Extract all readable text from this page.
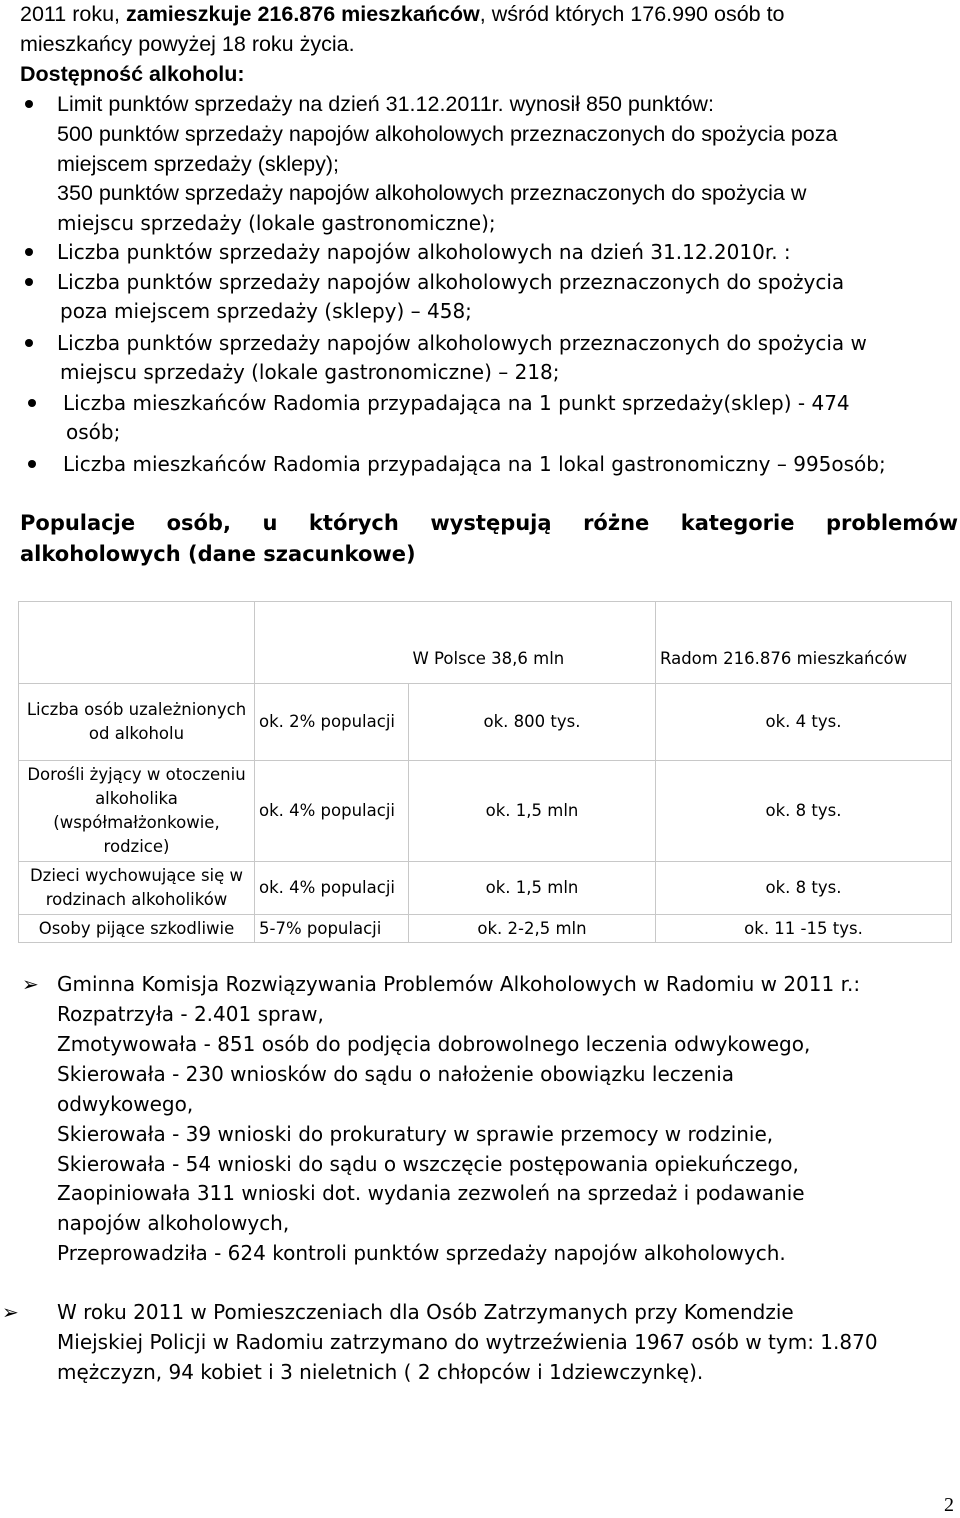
2011 roku, zamieszkuje 216.876 mieszkańców, wśród których 176.990 osób to
mieszkańcy powyżej 18 roku życia.
Dostępność alkoholu:
Limit punktów sprzedaży na dzień 31.12.2011r. wynosił 850 punktów:
500 punktów sprzedaży napojów alkoholowych przeznaczonych do spożycia poza
miejscem sprzedaży (sklepy);
350 punktów sprzedaży napojów alkoholowych przeznaczonych do spożycia w
miejscu sprzedaży (lokale gastronomiczne);
Liczba punktów sprzedaży napojów alkoholowych na dzień 31.12.2010r. :
Liczba punktów sprzedaży napojów alkoholowych przeznaczonych do spożycia
poza miejscem sprzedaży (sklepy) – 458;
Liczba punktów sprzedaży napojów alkoholowych przeznaczonych do spożycia w
miejscu sprzedaży (lokale gastronomiczne) – 218;
Liczba mieszkańców Radomia przypadająca na 1 punkt sprzedaży(sklep) - 474
osób;
Liczba mieszkańców Radomia przypadająca na 1 lokal gastronomiczny – 995osób;
Populacje osób, u których występują różne kategorie problemów
alkoholowych (dane szacunkowe)
		W Polsce 38,6 mln	Radom 216.876 mieszkańców
Liczba osób uzależnionych od alkoholu	ok. 2% populacji	ok. 800 tys.	ok. 4 tys.
Dorośli żyjący w otoczeniu alkoholika (współmałżonkowie, rodzice)	ok. 4% populacji	ok. 1,5 mln	ok. 8 tys.
Dzieci wychowujące się w rodzinach alkoholików	ok. 4% populacji	ok. 1,5 mln	ok. 8 tys.
Osoby pijące szkodliwie	5-7% populacji	ok. 2-2,5 mln	ok. 11 -15 tys.
➢ Gminna Komisja Rozwiązywania Problemów Alkoholowych w Radomiu w 2011 r.:
Rozpatrzyła - 2.401 spraw,
Zmotywowała - 851 osób do podjęcia dobrowolnego leczenia odwykowego,
Skierowała - 230 wniosków do sądu o nałożenie obowiązku leczenia
odwykowego,
Skierowała - 39 wnioski do prokuratury w sprawie przemocy w rodzinie,
Skierowała - 54 wnioski do sądu o wszczęcie postępowania opiekuńczego,
Zaopiniowała 311 wnioski dot. wydania zezwoleń na sprzedaż i podawanie
napojów alkoholowych,
Przeprowadziła - 624 kontroli punktów sprzedaży napojów alkoholowych.
➢ W roku 2011 w Pomieszczeniach dla Osób Zatrzymanych przy Komendzie
Miejskiej Policji w Radomiu zatrzymano do wytrzeźwienia 1967 osób w tym: 1.870
mężczyzn, 94 kobiet i 3 nieletnich ( 2 chłopców i 1dziewczynkę).
2
